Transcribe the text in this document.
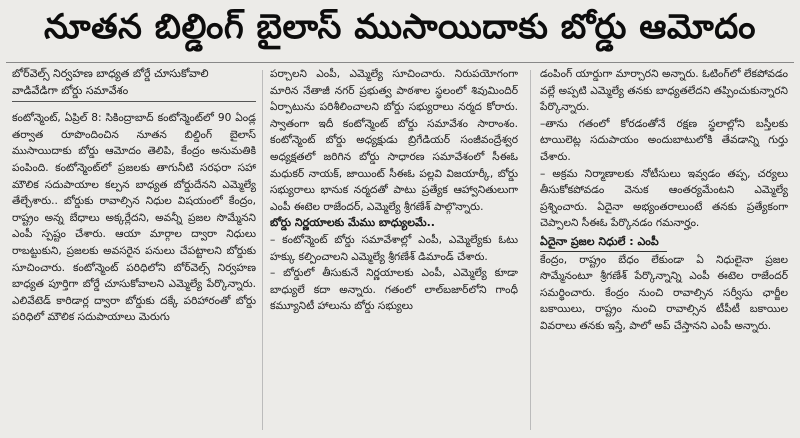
నూతన బిల్డింగ్ బైలాస్ ముసాయిదాకు బోర్డు ఆమోదం

బోర్‌వెల్స్ నిర్వహణ బాధ్యత బోర్డే చూసుకోవాలి
వాడివేడిగా బోర్డు సమావేశం

కంటోన్మెంట్, ఏప్రిల్ 8: సికింద్రాబాద్ కంటోన్మెంట్‌లో 90 ఏండ్ల తర్వాత రూపొందించిన నూతన బిల్డింగ్ బైలాస్ ముసాయిదాకు బోర్డు ఆమోదం తెలిపి, కేంద్రం అనుమతికి పంపింది. కంటోన్మెంట్‌లో ప్రజలకు తాగునీటి సరఫరా సహా మౌలిక సదుపాయాల కల్పన బాధ్యత బోర్డుదేనని ఎమ్మెల్యే తేల్చేశారు.. బోర్డుకు రావాల్సిన నిధుల విషయంలో కేంద్రం, రాష్ట్రం అన్న బేధాలు అక్కర్లేదని, అవన్నీ ప్రజల సొమ్మేనని ఎంపీ స్పష్టం చేశారు. ఆయా మార్గాల ద్వారా నిధులు రాబట్టుకుని, ప్రజలకు అవసరైన పనులు చేపట్టాలని బోర్డుకు సూచించారు. కంటోన్మెంట్ పరిధిలోని బోర్‌వెల్స్ నిర్వహణ బాధ్యత పూర్తిగా బోర్డే చూసుకోవాలని ఎమ్మెల్యే పేర్కొన్నారు. ఎలివేటెడ్ కారిడార్ల ద్వారా బోర్డుకు దక్కే పరిహారంతో బోర్డు పరిధిలో మౌలిక సదుపాయాలు మెరుగు

పర్చాలని ఎంపీ, ఎమ్మెల్యే సూచించారు. నిరుపయోగంగా మారిన నేతాజీ నగర్ ప్రభుత్వ పాఠశాల స్థలంలో శివుమిందిర్ ఏర్పాటును పరిశీలించాలని బోర్డు సభ్యురాలు నర్మద కోరారు. స్వాతంగా ఇదీ కంటోన్మెంట్ బోర్డు సమావేశం సారాంశం. కంటోన్మెంట్ బోర్డు అధ్యక్షుడు బ్రిగేడియర్ సంజీవంద్రేశ్వర అధ్యక్షతలో జరిగిన బోర్డు సాధారణ సమావేశంలో సీఈఓ మధుకర్ నాయక్, జాయింట్ సీఈఓ పల్లవి విజయార్కీ, బోర్డు సభ్యురాలు భానుక నర్మదతో పాటు ప్రత్యేక ఆహ్వానితులుగా ఎంపీ ఈటెల రాజేందర్, ఎమ్మెల్యే శ్రీగణేశ్ పాల్గొన్నారు.

బోర్డు నిర్ణయాలకు మేము బాధ్యులమే..

– కంటోన్మెంట్ బోర్డు సమావేశాల్లో ఎంపీ, ఎమ్మెల్యేకు ఓటు హక్కు కల్పించాలని ఎమ్మెల్యే శ్రీగణేశ్ డిమాండ్ చేశారు.

– బోర్డులో తీసుకునే నిర్ణయాలకు ఎంపీ, ఎమ్మెల్యే కూడా బాధ్యులే కదా అన్నారు. గతంలో లాల్‌బజార్‌లోని గాంధీ కమ్యూనిటీ హాలును బోర్డు సభ్యులు

డంపింగ్ యార్డుగా మార్చారని అన్నారు. ఓటింగ్‌లో లేకపోవడం వల్లే అప్పటి ఎమ్మెల్యే తనకు బాధ్యతలేదని తప్పించుకున్నారని పేర్కొన్నారు.

–తాను గతంలో కోరడంతోనే రక్షణ స్థలాల్లోని బస్తీలకు టాయిలెట్ల సదుపాయం అందుబాటులోకి తేవడాన్ని గుర్తు చేశారు.

– అక్రమ నిర్మాణాలకు నోటీసులు ఇవ్వడం తప్ప, చర్యలు తీసుకోకపోవడం వెనుక ఆంతర్యమేంటని ఎమ్మెల్యే ప్రశ్నించారు. ఏదైనా అభ్యంతరాలుంటే తనకు ప్రత్యేకంగా చెప్పాలని సీఈఓ పేర్కొనడం గమనార్హం.

ఏదైనా ప్రజల నిధులే : ఎంపీ

కేంద్రం, రాష్ట్రం బేధం లేకుండా ఏ నిధులైనా ప్రజల సొమ్మేనంటూ శ్రీగణేశ్ పేర్కొన్నాన్ని ఎంపీ ఈటెల రాజేందర్ సమర్థించారు. కేంద్రం నుంచి రావాల్సిన సర్వీసు ఛార్జీల బకాయిలు, రాష్ట్రం నుంచి రావాల్సిన టీపీటీ బకాయిల వివరాలు తనకు ఇస్తే, పాలో అప్ చేస్తానని ఎంపీ అన్నారు.
